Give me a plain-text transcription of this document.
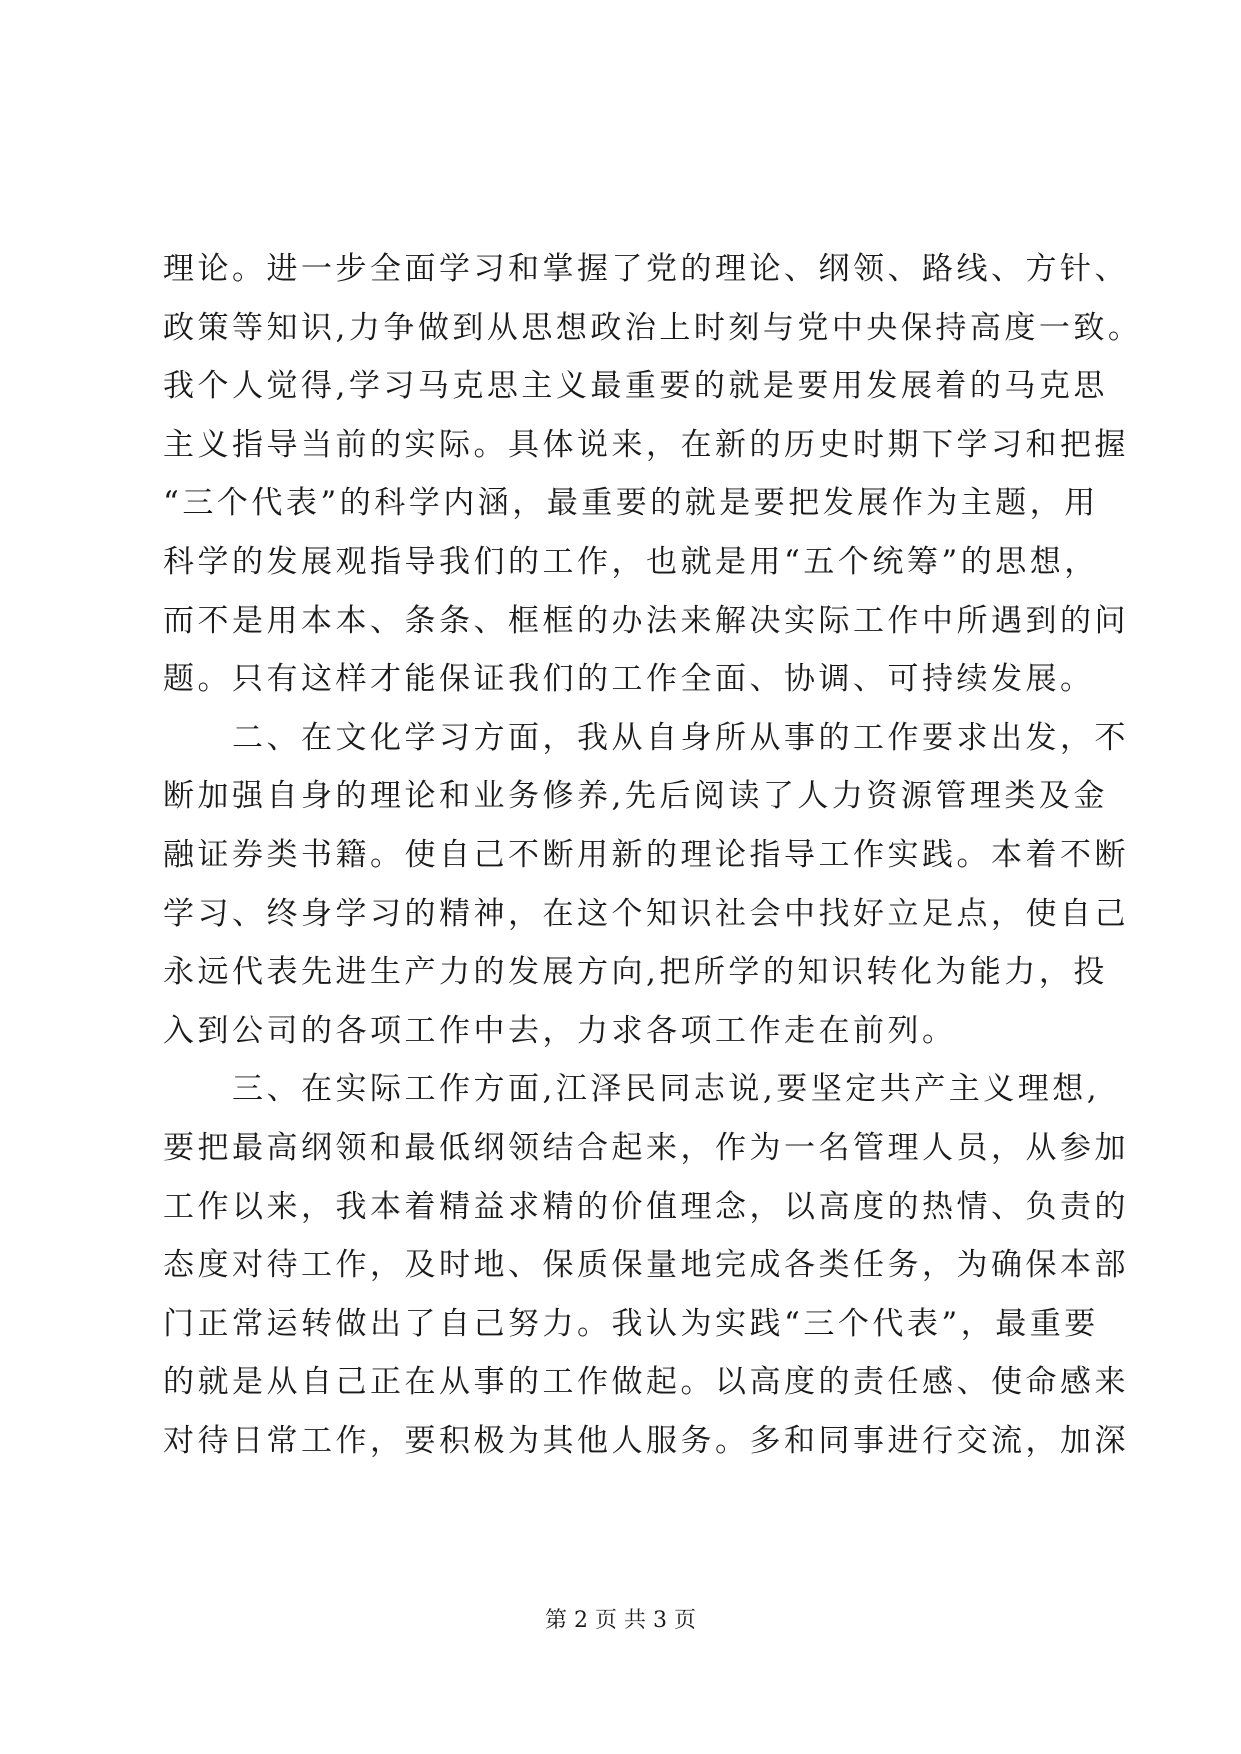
理论。进一步全面学习和掌握了党的理论、纲领、路线、方针、
政策等知识,力争做到从思想政治上时刻与党中央保持高度一致。
我个人觉得,学习马克思主义最重要的就是要用发展着的马克思
主义指导当前的实际。具体说来，在新的历史时期下学习和把握
“三个代表”的科学内涵，最重要的就是要把发展作为主题，用
科学的发展观指导我们的工作，也就是用“五个统筹”的思想，
而不是用本本、条条、框框的办法来解决实际工作中所遇到的问
题。只有这样才能保证我们的工作全面、协调、可持续发展。
　　二、在文化学习方面，我从自身所从事的工作要求出发，不
断加强自身的理论和业务修养,先后阅读了人力资源管理类及金
融证券类书籍。使自己不断用新的理论指导工作实践。本着不断
学习、终身学习的精神，在这个知识社会中找好立足点，使自己
永远代表先进生产力的发展方向,把所学的知识转化为能力，投
入到公司的各项工作中去，力求各项工作走在前列。
　　三、在实际工作方面,江泽民同志说,要坚定共产主义理想,
要把最高纲领和最低纲领结合起来，作为一名管理人员，从参加
工作以来，我本着精益求精的价值理念，以高度的热情、负责的
态度对待工作，及时地、保质保量地完成各类任务，为确保本部
门正常运转做出了自己努力。我认为实践“三个代表”，最重要
的就是从自己正在从事的工作做起。以高度的责任感、使命感来
对待日常工作，要积极为其他人服务。多和同事进行交流，加深
第 2 页 共 3 页
